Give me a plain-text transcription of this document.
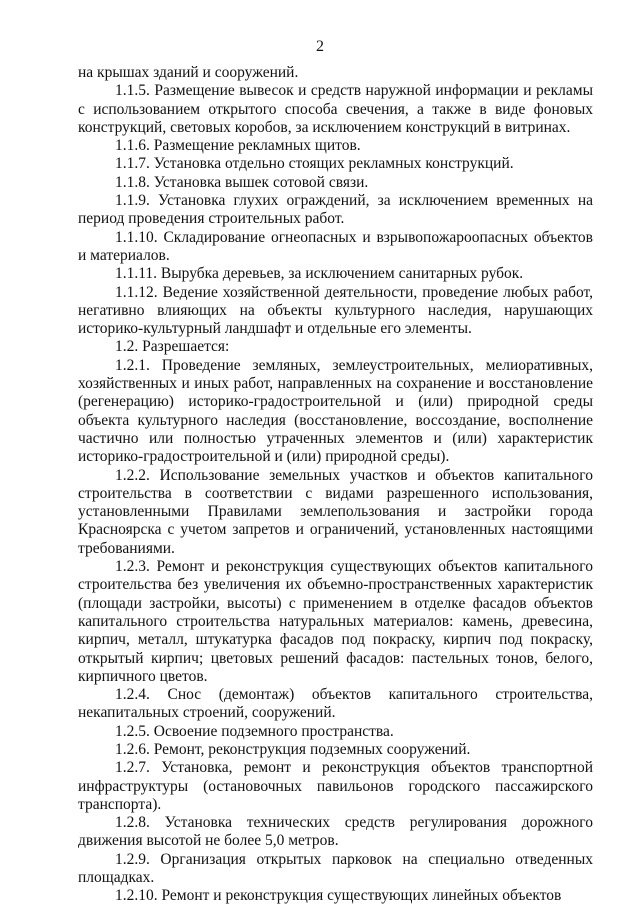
2

на крышах зданий и сооружений.

1.1.5. Размещение вывесок и средств наружной информации и рекламы с использованием открытого способа свечения, а также в виде фоновых конструкций, световых коробов, за исключением конструкций в витринах.

1.1.6. Размещение рекламных щитов.

1.1.7. Установка отдельно стоящих рекламных конструкций.

1.1.8. Установка вышек сотовой связи.

1.1.9. Установка глухих ограждений, за исключением временных на период проведения строительных работ.

1.1.10. Складирование огнеопасных и взрывопожароопасных объектов и материалов.

1.1.11. Вырубка деревьев, за исключением санитарных рубок.

1.1.12. Ведение хозяйственной деятельности, проведение любых работ, негативно влияющих на объекты культурного наследия, нарушающих историко-культурный ландшафт и отдельные его элементы.

1.2. Разрешается:

1.2.1. Проведение земляных, землеустроительных, мелиоративных, хозяйственных и иных работ, направленных на сохранение и восстановление (регенерацию) историко-градостроительной и (или) природной среды объекта культурного наследия (восстановление, воссоздание, восполнение частично или полностью утраченных элементов и (или) характеристик историко-градостроительной и (или) природной среды).

1.2.2. Использование земельных участков и объектов капитального строительства в соответствии с видами разрешенного использования, установленными Правилами землепользования и застройки города Красноярска с учетом запретов и ограничений, установленных настоящими требованиями.

1.2.3. Ремонт и реконструкция существующих объектов капитального строительства без увеличения их объемно-пространственных характеристик (площади застройки, высоты) с применением в отделке фасадов объектов капитального строительства натуральных материалов: камень, древесина, кирпич, металл, штукатурка фасадов под покраску, кирпич под покраску, открытый кирпич; цветовых решений фасадов: пастельных тонов, белого, кирпичного цветов.

1.2.4. Снос (демонтаж) объектов капитального строительства, некапитальных строений, сооружений.

1.2.5. Освоение подземного пространства.

1.2.6. Ремонт, реконструкция подземных сооружений.

1.2.7. Установка, ремонт и реконструкция объектов транспортной инфраструктуры (остановочных павильонов городского пассажирского транспорта).

1.2.8. Установка технических средств регулирования дорожного движения высотой не более 5,0 метров.

1.2.9. Организация открытых парковок на специально отведенных площадках.

1.2.10. Ремонт и реконструкция существующих линейных объектов
